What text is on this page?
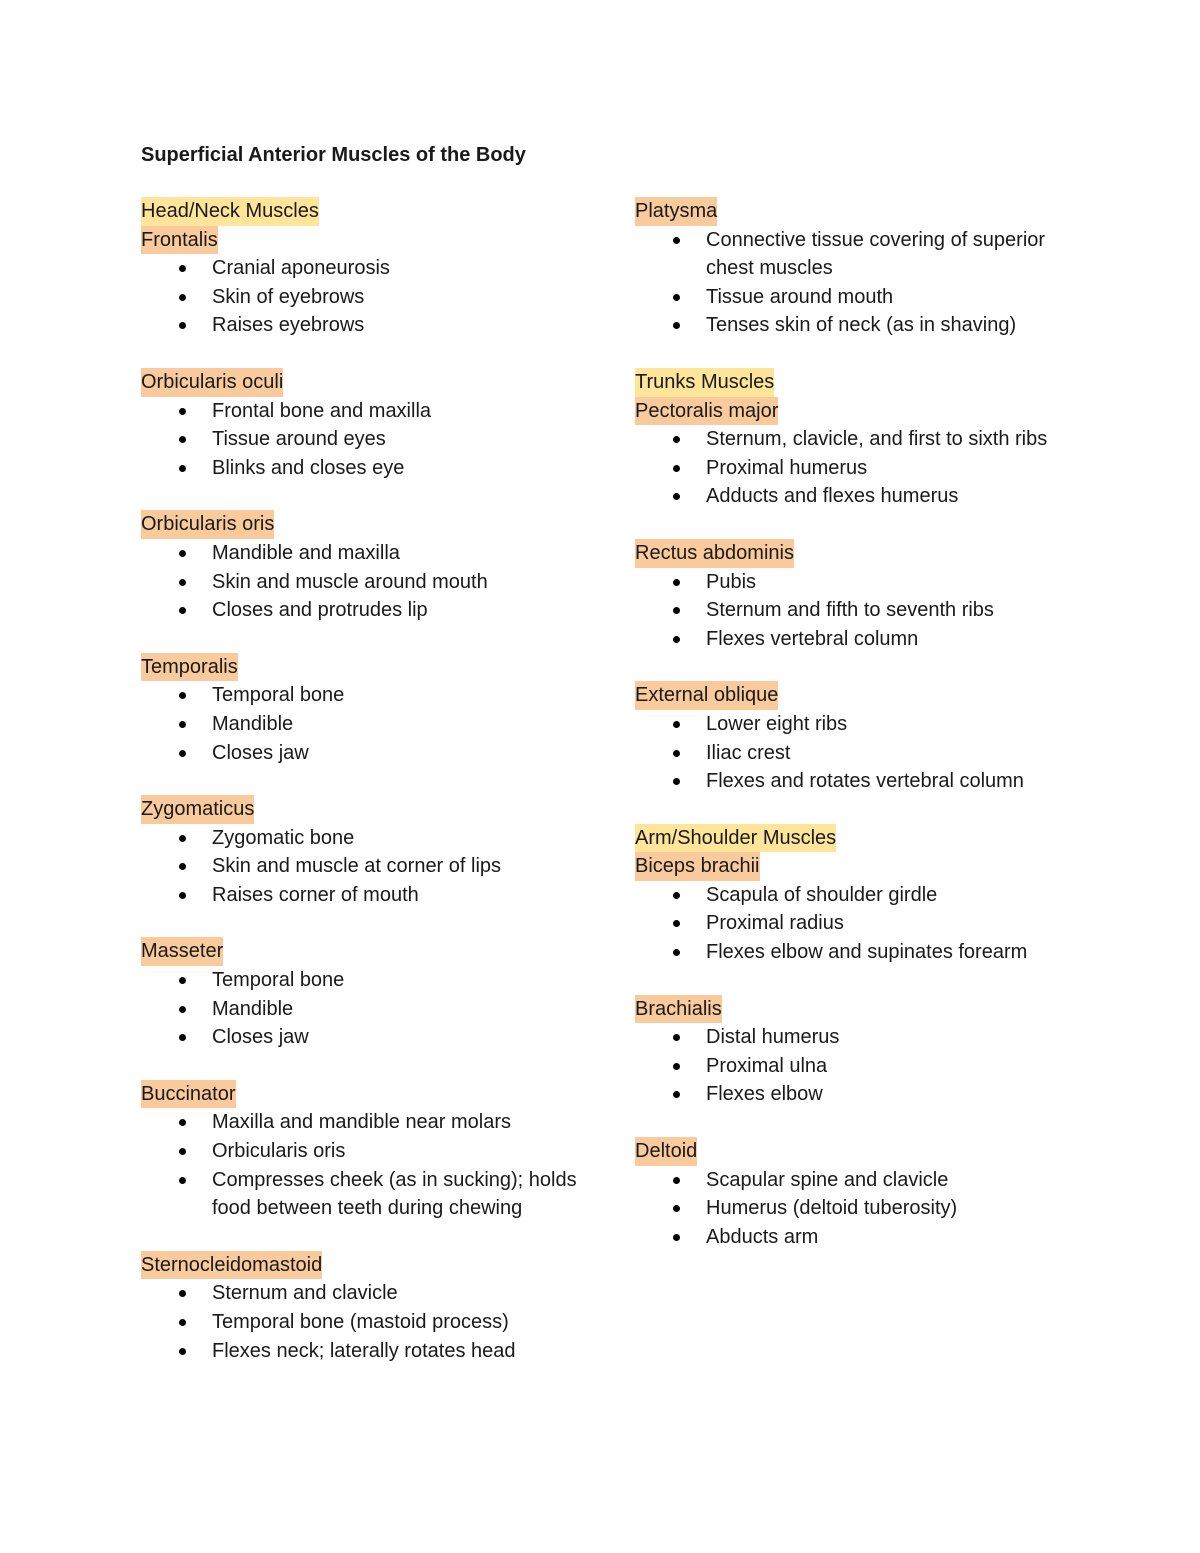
Superficial Anterior Muscles of the Body
Head/Neck Muscles
Frontalis
Cranial aponeurosis
Skin of eyebrows
Raises eyebrows
Orbicularis oculi
Frontal bone and maxilla
Tissue around eyes
Blinks and closes eye
Orbicularis oris
Mandible and maxilla
Skin and muscle around mouth
Closes and protrudes lip
Temporalis
Temporal bone
Mandible
Closes jaw
Zygomaticus
Zygomatic bone
Skin and muscle at corner of lips
Raises corner of mouth
Masseter
Temporal bone
Mandible
Closes jaw
Buccinator
Maxilla and mandible near molars
Orbicularis oris
Compresses cheek (as in sucking); holds food between teeth during chewing
Sternocleidomastoid
Sternum and clavicle
Temporal bone (mastoid process)
Flexes neck; laterally rotates head
Platysma
Connective tissue covering of superior chest muscles
Tissue around mouth
Tenses skin of neck (as in shaving)
Trunks Muscles
Pectoralis major
Sternum, clavicle, and first to sixth ribs
Proximal humerus
Adducts and flexes humerus
Rectus abdominis
Pubis
Sternum and fifth to seventh ribs
Flexes vertebral column
External oblique
Lower eight ribs
Iliac crest
Flexes and rotates vertebral column
Arm/Shoulder Muscles
Biceps brachii
Scapula of shoulder girdle
Proximal radius
Flexes elbow and supinates forearm
Brachialis
Distal humerus
Proximal ulna
Flexes elbow
Deltoid
Scapular spine and clavicle
Humerus (deltoid tuberosity)
Abducts arm
